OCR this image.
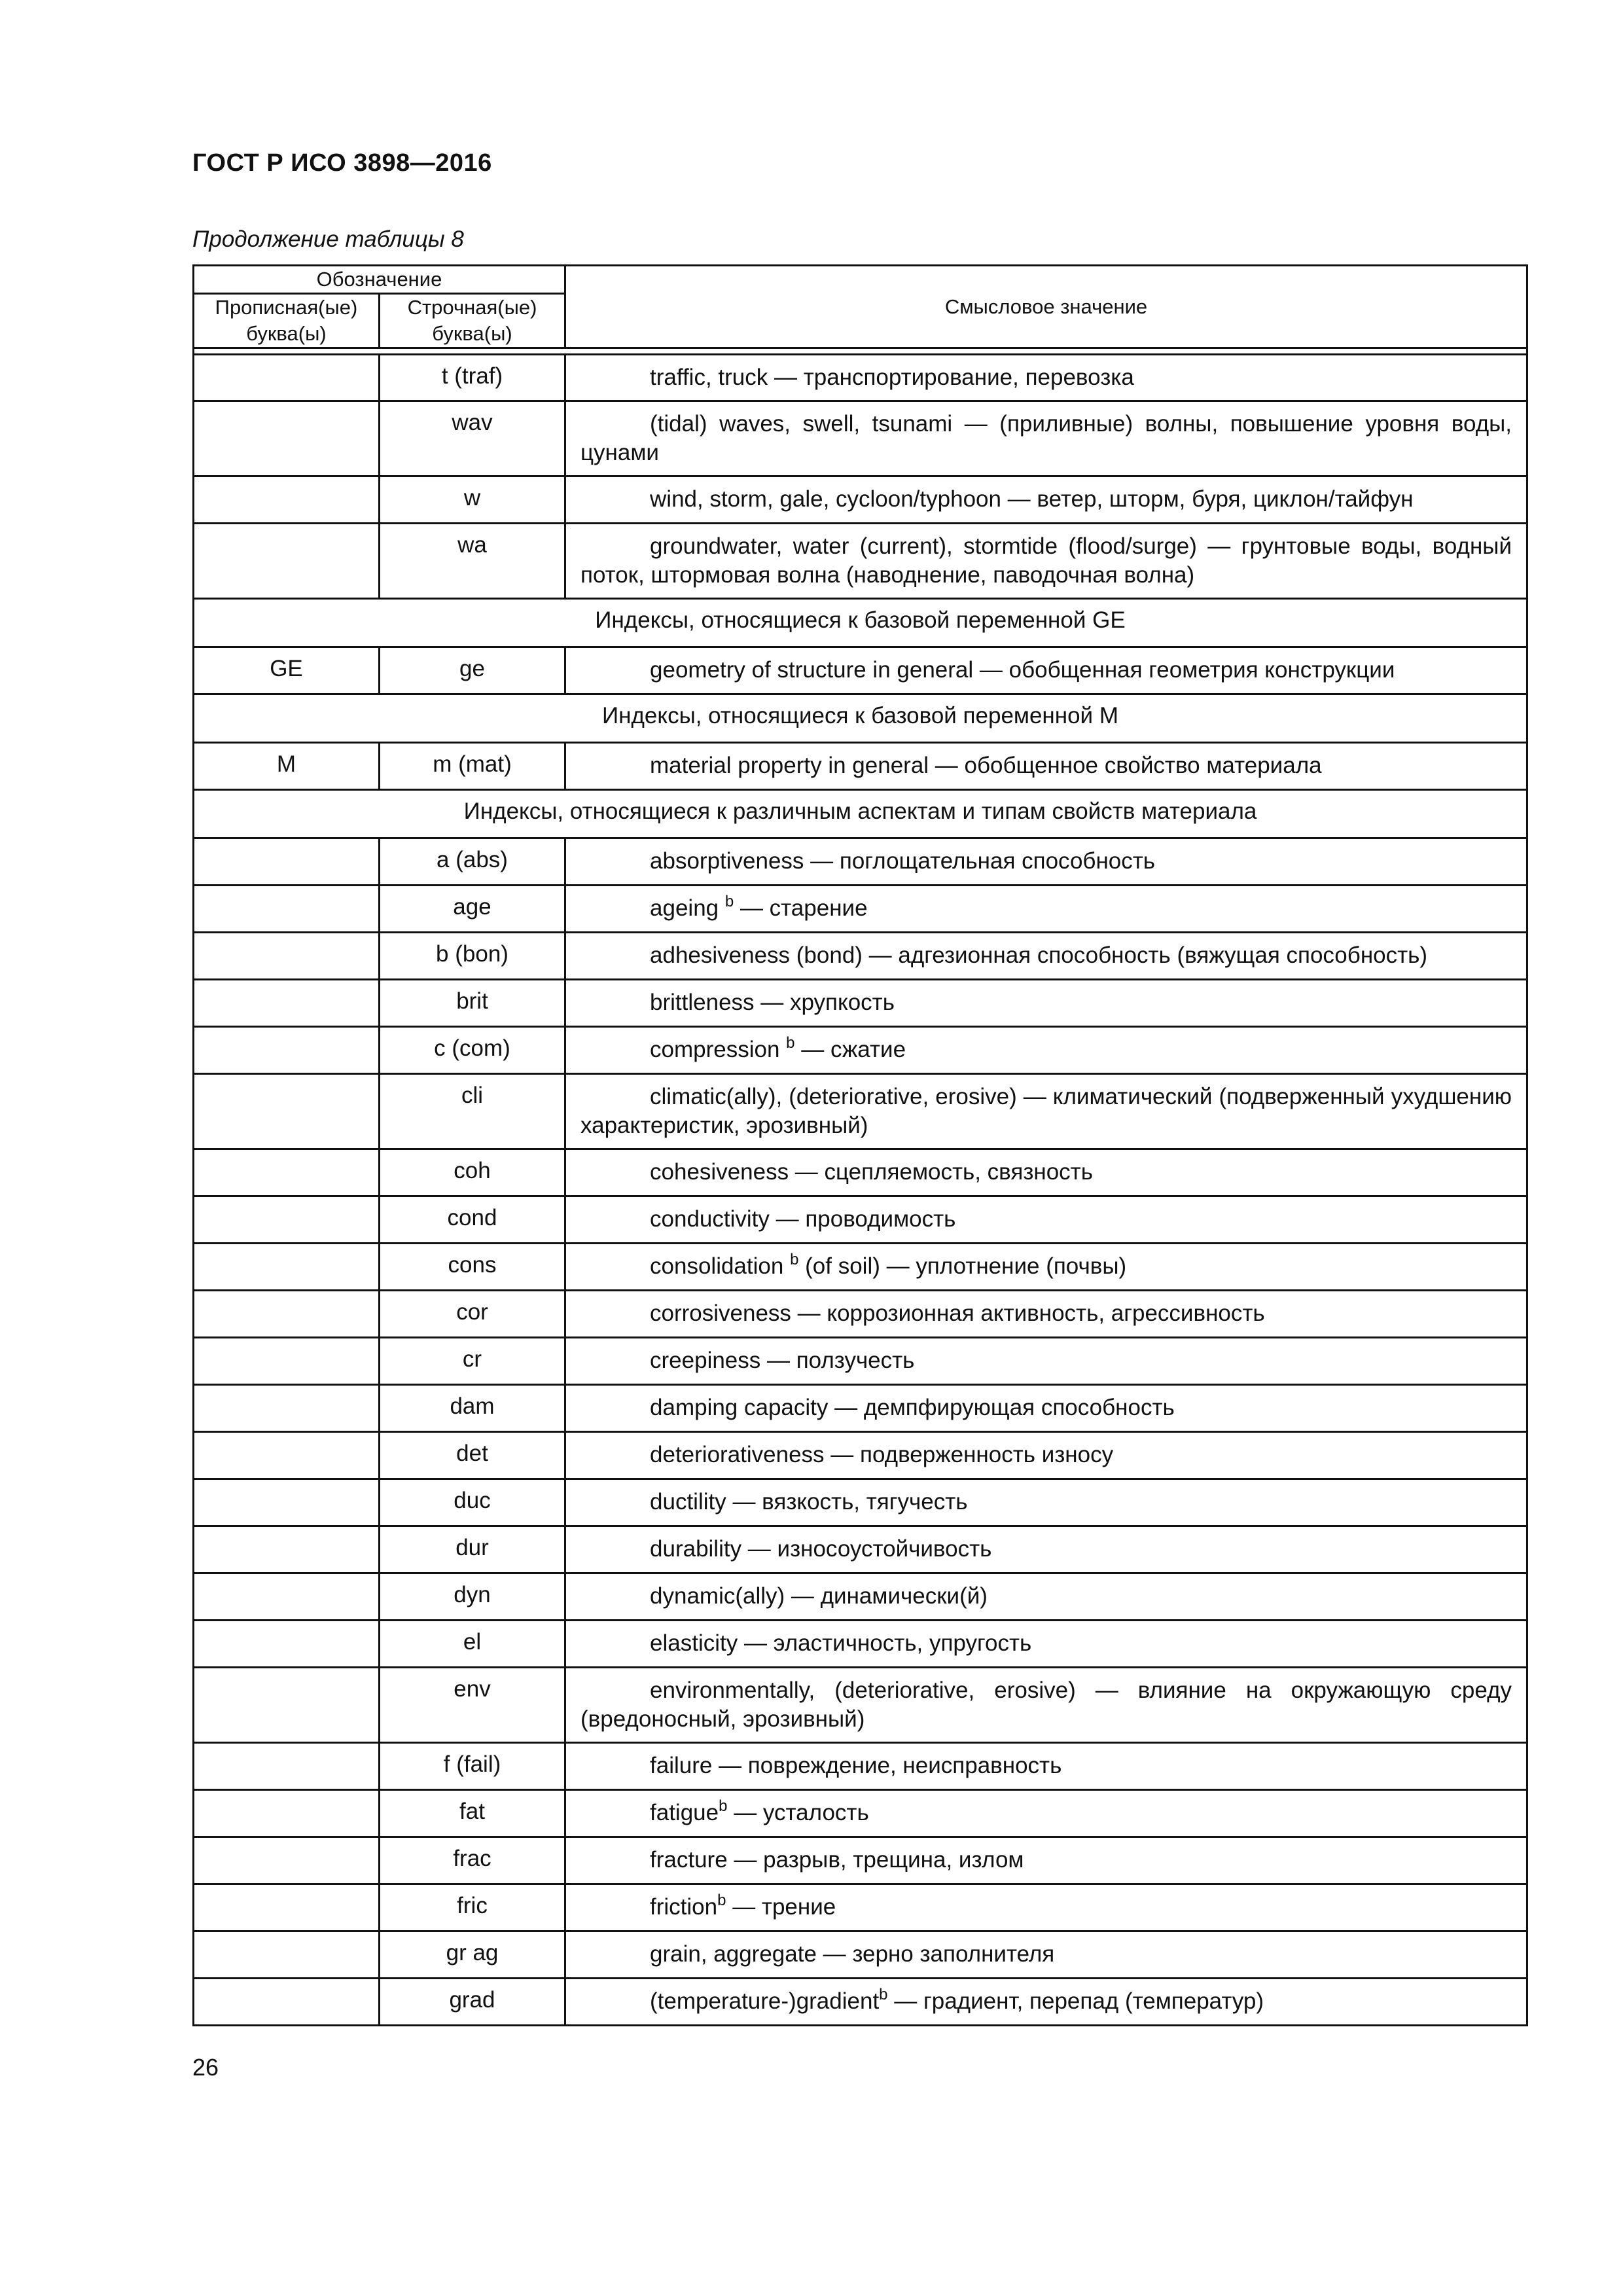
ГОСТ Р ИСО 3898—2016
Продолжение таблицы 8
Обозначение		Смысловое значение
Прописная(ые) буква(ы)	Строчная(ые) буква(ы)	

	t (traf)	traffic, truck — транспортирование, перевозка
	wav	(tidal) waves, swell, tsunami — (приливные) волны, повышение уровня воды, цунами
	w	wind, storm, gale, cycloon/typhoon — ветер, шторм, буря, циклон/тайфун
	wa	groundwater, water (current), stormtide (flood/surge) — грунтовые воды, водный поток, штормовая волна (наводнение, паводочная волна)
Индексы, относящиеся к базовой переменной GE		
GE	ge	geometry of structure in general — обобщенная геометрия конструкции
Индексы, относящиеся к базовой переменной M		
M	m (mat)	material property in general — обобщенное свойство материала
Индексы, относящиеся к различным аспектам и типам свойств материала		
	a (abs)	absorptiveness — поглощательная способность
	age	ageing $^b$ — старение
	b (bon)	adhesiveness (bond) — адгезионная способность (вяжущая способность)
	brit	brittleness — хрупкость
	c (com)	compression $^b$ — сжатие
	cli	climatic(ally), (deteriorative, erosive) — климатический (подверженный ухудшению характеристик, эрозивный)
	coh	cohesiveness — сцепляемость, связность
	cond	conductivity — проводимость
	cons	consolidation $^b$ (of soil) — уплотнение (почвы)
	cor	corrosiveness — коррозионная активность, агрессивность
	cr	creepiness — ползучесть
	dam	damping capacity — демпфирующая способность
	det	deteriorativeness — подверженность износу
	duc	ductility — вязкость, тягучесть
	dur	durability — износоустойчивость
	dyn	dynamic(ally) — динамически(й)
	el	elasticity — эластичность, упругость
	env	environmentally, (deteriorative, erosive) — влияние на окружающую среду (вредоносный, эрозивный)
	f (fail)	failure — повреждение, неисправность
	fat	fatigue$^b$ — усталость
	frac	fracture — разрыв, трещина, излом
	fric	friction$^b$ — трение
	gr ag	grain, aggregate — зерно заполнителя
	grad	(temperature-)gradient$^b$ — градиент, перепад (температур)
26
